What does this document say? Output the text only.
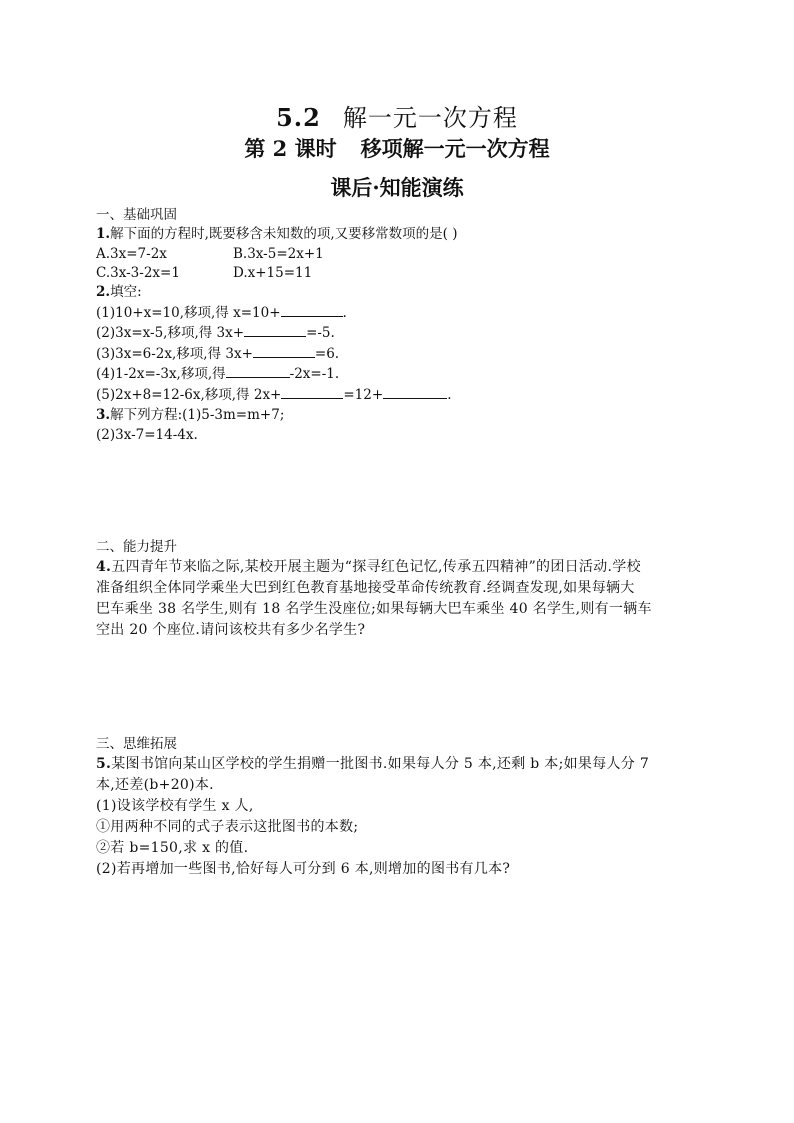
5.2 解一元一次方程
第 2 课时 移项解一元一次方程
课后·知能演练
一、基础巩固
1.解下面的方程时,既要移含未知数的项,又要移常数项的是( )
A.3x=7-2x	B.3x-5=2x+1
C.3x-3-2x=1	D.x+15=11
2.填空:
(1)10+x=10,移项,得 x=10+	.
(2)3x=x-5,移项,得 3x+	=-5.
(3)3x=6-2x,移项,得 3x+	=6.
(4)1-2x=-3x,移项,得	-2x=-1.
(5)2x+8=12-6x,移项,得 2x+	=12+	.
3.解下列方程:(1)5-3m=m+7;
(2)3x-7=14-4x.
二、能力提升
4.五四青年节来临之际,某校开展主题为“探寻红色记忆,传承五四精神”的团日活动.学校
准备组织全体同学乘坐大巴到红色教育基地接受革命传统教育.经调查发现,如果每辆大
巴车乘坐 38 名学生,则有 18 名学生没座位;如果每辆大巴车乘坐 40 名学生,则有一辆车
空出 20 个座位.请问该校共有多少名学生?
三、思维拓展
5.某图书馆向某山区学校的学生捐赠一批图书.如果每人分 5 本,还剩 b 本;如果每人分 7
本,还差(b+20)本.
(1)设该学校有学生 x 人,
①用两种不同的式子表示这批图书的本数;
②若 b=150,求 x 的值.
(2)若再增加一些图书,恰好每人可分到 6 本,则增加的图书有几本?
